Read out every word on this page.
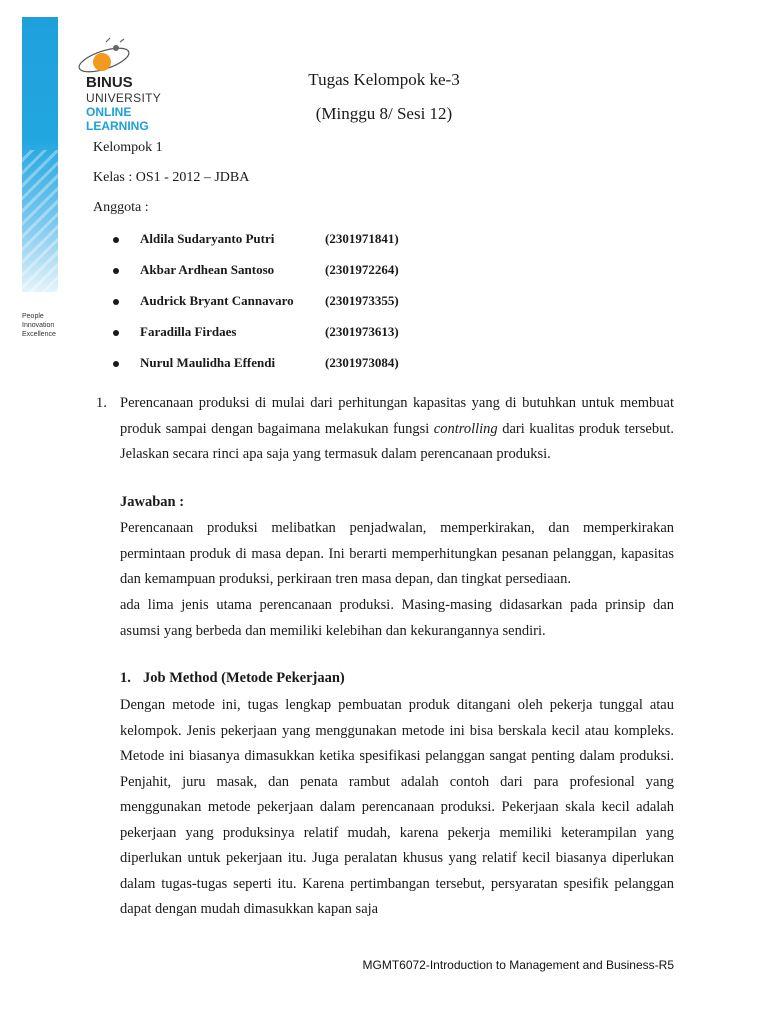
BINUS
UNIVERSITY
ONLINE
LEARNING
People
Innovation
Excellence
Tugas Kelompok ke-3
(Minggu 8/ Sesi 12)
Kelompok 1
Kelas : OS1 - 2012 – JDBA
Anggota :
Aldila Sudaryanto Putri	(2301971841)
Akbar Ardhean Santoso	(2301972264)
Audrick Bryant Cannavaro (2301973355)
Faradilla Firdaes	(2301973613)
Nurul Maulidha Effendi	(2301973084)
1. Perencanaan produksi di mulai dari perhitungan kapasitas yang di butuhkan untuk membuat produk sampai dengan bagaimana melakukan fungsi controlling dari kualitas produk tersebut. Jelaskan secara rinci apa saja yang termasuk dalam perencanaan produksi.
Jawaban :
Perencanaan produksi melibatkan penjadwalan, memperkirakan, dan memperkirakan permintaan produk di masa depan. Ini berarti memperhitungkan pesanan pelanggan, kapasitas dan kemampuan produksi, perkiraan tren masa depan, dan tingkat persediaan.
ada lima jenis utama perencanaan produksi. Masing-masing didasarkan pada prinsip dan asumsi yang berbeda dan memiliki kelebihan dan kekurangannya sendiri.
1. Job Method (Metode Pekerjaan)
Dengan metode ini, tugas lengkap pembuatan produk ditangani oleh pekerja tunggal atau kelompok. Jenis pekerjaan yang menggunakan metode ini bisa berskala kecil atau kompleks. Metode ini biasanya dimasukkan ketika spesifikasi pelanggan sangat penting dalam produksi. Penjahit, juru masak, dan penata rambut adalah contoh dari para profesional yang menggunakan metode pekerjaan dalam perencanaan produksi. Pekerjaan skala kecil adalah pekerjaan yang produksinya relatif mudah, karena pekerja memiliki keterampilan yang diperlukan untuk pekerjaan itu. Juga peralatan khusus yang relatif kecil biasanya diperlukan dalam tugas-tugas seperti itu. Karena pertimbangan tersebut, persyaratan spesifik pelanggan dapat dengan mudah dimasukkan kapan saja
MGMT6072-Introduction to Management and Business-R5
